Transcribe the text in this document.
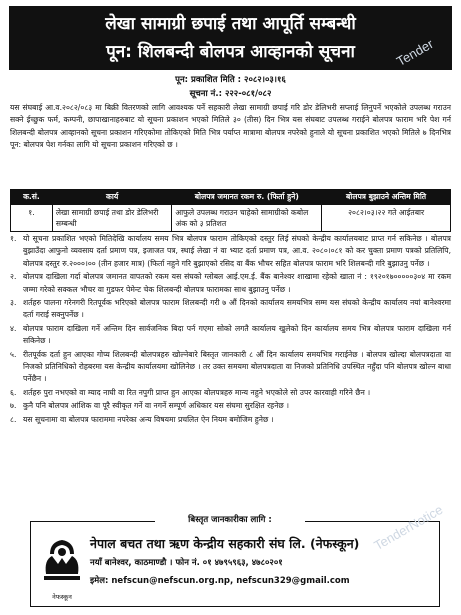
लेखा सामाग्री छपाई तथा आपूर्ति सम्बन्धी
पून: शिलबन्दी बोलपत्र आव्हानको सूचना
पून: प्रकाशित मिति : २०८२।०३।१६
सूचना नं.: २२२-०८१/०८२
यस संघबाई आ.व.२०८२/०८३ मा बिक्री वितरणको लागि आवश्यक पर्ने सहकारी लेखा सामाग्री छपाई गरि डोर डेलिभरी सप्लाई लिनुपर्ने भएकोले उपलब्ध गराउन सक्ने ईच्छुक फर्म, कम्पनी, छापाखानाहरुबाट यो सूचना प्रकाशन भएको मितिले ३० (तीस) दिन भित्र यस संघबाट उपलब्ध गराईने बोलपत्र फाराम भरि पेश गर्न शिलबन्दी बोलपत्र आव्हानको सूचना प्रकाशन गरिएकोमा तोकिएको मिति भित्र पर्याप्त मात्रामा बोलपत्र नपरेको हुनाले यो सूचना प्रकाशित भएको मितिले ७ दिनभित्र पून: बोलपत्र पेश गर्नका लागि यो सूचना प्रकाशन गरिएको छ ।
क.सं.	कार्य	बोलपत्र जमानत रकम रु. (फिर्ता हुने)	बोलपत्र बुझाउने अन्तिम मिति
१.	लेखा सामाग्री छपाई तथा डोर डेलिभरी सम्बन्धी	आफुले उपलब्ध गराउन चाहेको सामाग्रीको कबोल अंक को ३ प्रतिशत	२०८२।०३।२२ गते आईतबार
१. यो सूचना प्रकाशित भएको मितिदेखि कार्यालय समय भित्र बोलपत्र फाराम तोकिएको दस्तुर लिई संघको केन्द्रीय कार्यालयबाट प्राप्त गर्न सकिनेछ । बोलपत्र बुझाउँदा आफुनो व्यवसाय दर्ता प्रमाण पत्र, इजाजत पत्र, स्थाई लेखा नं वा भ्याट दर्ता प्रमाण पत्र, आ.व. २०८०।०८१ को कर चुक्ता प्रमाण पत्रको प्रतिलिपि, बोलपत्र दस्तुर रु.२०००।०० (तीन हजार मात्र) (फिर्ता नहुने गरि बुझाएको रसिद वा बैंक भौचर सहित बोलपत्र फाराम भरि शिलबन्दी गरि बुझाउनु पर्नेछ ।
२. बोलपत्र दाखिला गर्दा बोलपत्र जमानत वापतको रकम यस संघको ग्लोबल आई.एम.ई. बैंक बानेश्वर शाखामा रहेको खाता नं : १९२०१७०००००३०४ मा रकम जम्मा गरेको सक्कल भौचर वा गुडफर पेमेन्ट चेक शिलबन्दी बोलपत्र फारामका साथ बुझाउनु पर्नेछ ।
३. शर्तहरु पालना गरेनगरी रितपूर्वक भरिएको बोलपत्र फाराम शिलबन्दी गरी ७ औं दिनको कार्यालय समयभित्र सम्म यस संघको केन्द्रीय कार्यालय नयां बानेश्वरमा दर्ता गराई सक्नुपर्नेछ ।
४. बोलपत्र फाराम दाखिला गर्ने अन्तिम दिन सार्वजनिक बिदा पर्न गएमा सोको लगतै कार्यालय खुलेको दिन कार्यालय समय भित्र बोलपत्र फाराम दाखिला गर्न सकिनेछ ।
५. रीतपूर्वक दर्ता हुन आएका गोप्य शिलबन्दी बोलपत्रहरु खोल्नेबारे बिस्तृत जानकारी ८ औं दिन कार्यालय समयभित्र गराईनेछ । बोलपत्र खोल्दा बोलपत्रदाता वा निजको प्रतिनिधिको रोहबरमा यस केन्द्रीय कार्यालयमा खोलिनेछ । तर उक्त समयमा बोलपत्रदाता वा निजको प्रतिनिधि उपस्थित नहुँदा पनि बोलपत्र खोल्न बाधा पर्नेछैन ।
६. शर्तहरु पुरा नभएको वा म्याद नाघी वा रित नपुगी प्राप्त हुन आएका बोलपत्रहरु मान्य नहुने भएकोले सो उपर कारवाही गरिने छैन ।
७. कुनै पनि बोलपत्र आंशिक वा पूरै स्वीकृत गर्ने वा नगर्ने सम्पूर्ण अधिकार यस संघमा सुरक्षित रहनेछ ।
८. यस सूचनामा वा बोलपत्र फाराममा नपरेका अन्य विषयमा प्रचलित ऐन नियम बमोजिम हुनेछ ।
बिस्तृत जानकारीका लागि :
नेफस्कून
नेपाल बचत तथा ऋण केन्द्रीय सहकारी संघ लि. (नेफस्कून)
नयाँ बानेश्वर, काठमाण्डौ । फोन नं. ०१ ४७९५९६३, ४७८०२०१
इमेल: nefscun@nefscun.org.np, nefscun329@gmail.com
Tender
TenderNotice
